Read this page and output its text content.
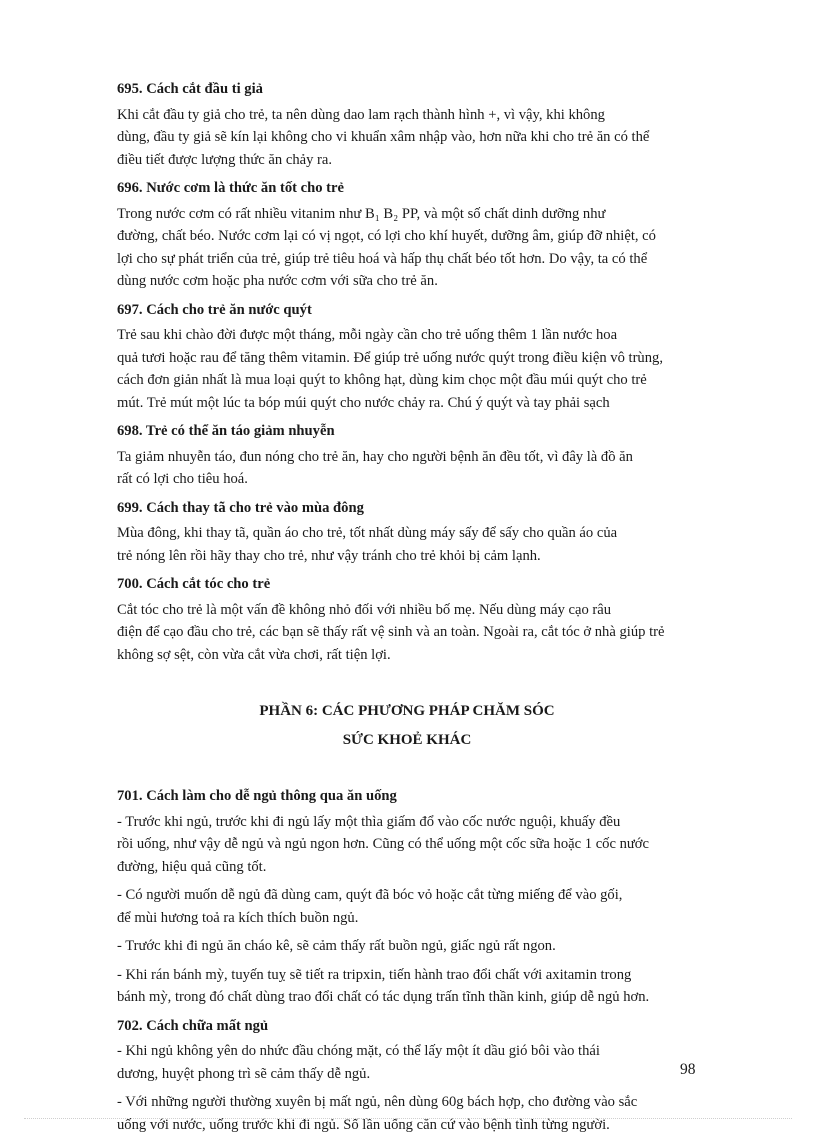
695. Cách cắt đầu ti giả
Khi cắt đầu ty giả cho trẻ, ta nên dùng dao lam rạch thành hình +, vì vậy, khi không
dùng, đầu ty giả sẽ kín lại không cho vi khuẩn xâm nhập vào, hơn nữa khi cho trẻ ăn có thể
điều tiết được lượng thức ăn chảy ra.
696. Nước cơm là thức ăn tốt cho trẻ
Trong nước cơm có rất nhiều vitanim như B₁ B₂ PP, và một số chất dinh dưỡng như
đường, chất béo. Nước cơm lại có vị ngọt, có lợi cho khí huyết, dưỡng âm, giúp đỡ nhiệt, có
lợi cho sự phát triển của trẻ, giúp trẻ tiêu hoá và hấp thụ chất béo tốt hơn. Do vậy, ta có thể
dùng nước cơm hoặc pha nước cơm với sữa cho trẻ ăn.
697. Cách cho trẻ ăn nước quýt
Trẻ sau khi chào đời được một tháng, mỗi ngày cần cho trẻ uống thêm 1 lần nước hoa
quả tươi hoặc rau để tăng thêm vitamin. Để giúp trẻ uống nước quýt trong điều kiện vô trùng,
cách đơn giản nhất là mua loại quýt to không hạt, dùng kim chọc một đầu múi quýt cho trẻ
mút. Trẻ mút một lúc ta bóp múi quýt cho nước chảy ra. Chú ý quýt và tay phải sạch
698. Trẻ có thể ăn táo giảm nhuyễn
Ta giảm nhuyễn táo, đun nóng cho trẻ ăn, hay cho người bệnh ăn đều tốt, vì đây là đồ ăn
rất có lợi cho tiêu hoá.
699. Cách thay tã cho trẻ vào mùa đông
Mùa đông, khi thay tã, quần áo cho trẻ, tốt nhất dùng máy sấy để sấy cho quần áo của
trẻ nóng lên rồi hãy thay cho trẻ, như vậy tránh cho trẻ khỏi bị cảm lạnh.
700. Cách cắt tóc cho trẻ
Cắt tóc cho trẻ là một vấn đề không nhỏ đối với nhiều bố mẹ. Nếu dùng máy cạo râu
điện để cạo đầu cho trẻ, các bạn sẽ thấy rất vệ sinh và an toàn. Ngoài ra, cắt tóc ở nhà giúp trẻ
không sợ sệt, còn vừa cắt vừa chơi, rất tiện lợi.
PHẦN 6: CÁC PHƯƠNG PHÁP CHĂM SÓC
SỨC KHOẺ KHÁC
701. Cách làm cho dễ ngủ thông qua ăn uống
- Trước khi ngủ, trước khi đi ngủ lấy một thìa giấm đổ vào cốc nước nguội, khuấy đều
rồi uống, như vậy dễ ngủ và ngủ ngon hơn. Cũng có thể uống một cốc sữa hoặc 1 cốc nước
đường, hiệu quả cũng tốt.
- Có người muốn dễ ngủ đã dùng cam, quýt đã bóc vỏ hoặc cắt từng miếng để vào gối,
để mùi hương toả ra kích thích buồn ngủ.
- Trước khi đi ngủ ăn cháo kê, sẽ cảm thấy rất buồn ngủ, giấc ngủ rất ngon.
- Khi rán bánh mỳ, tuyến tuỵ sẽ tiết ra tripxin, tiến hành trao đổi chất với axitamin trong
bánh mỳ, trong đó chất dùng trao đổi chất có tác dụng trấn tĩnh thần kinh, giúp dễ ngủ hơn.
702. Cách chữa mất ngủ
- Khi ngủ không yên do nhức đầu chóng mặt, có thể lấy một ít dầu gió bôi vào thái
dương, huyệt phong trì sẽ cảm thấy dễ ngủ.
- Với những người thường xuyên bị mất ngủ, nên dùng 60g bách hợp, cho đường vào sắc
uống với nước, uống trước khi đi ngủ. Số lần uống căn cứ vào bệnh tình từng người.
98
